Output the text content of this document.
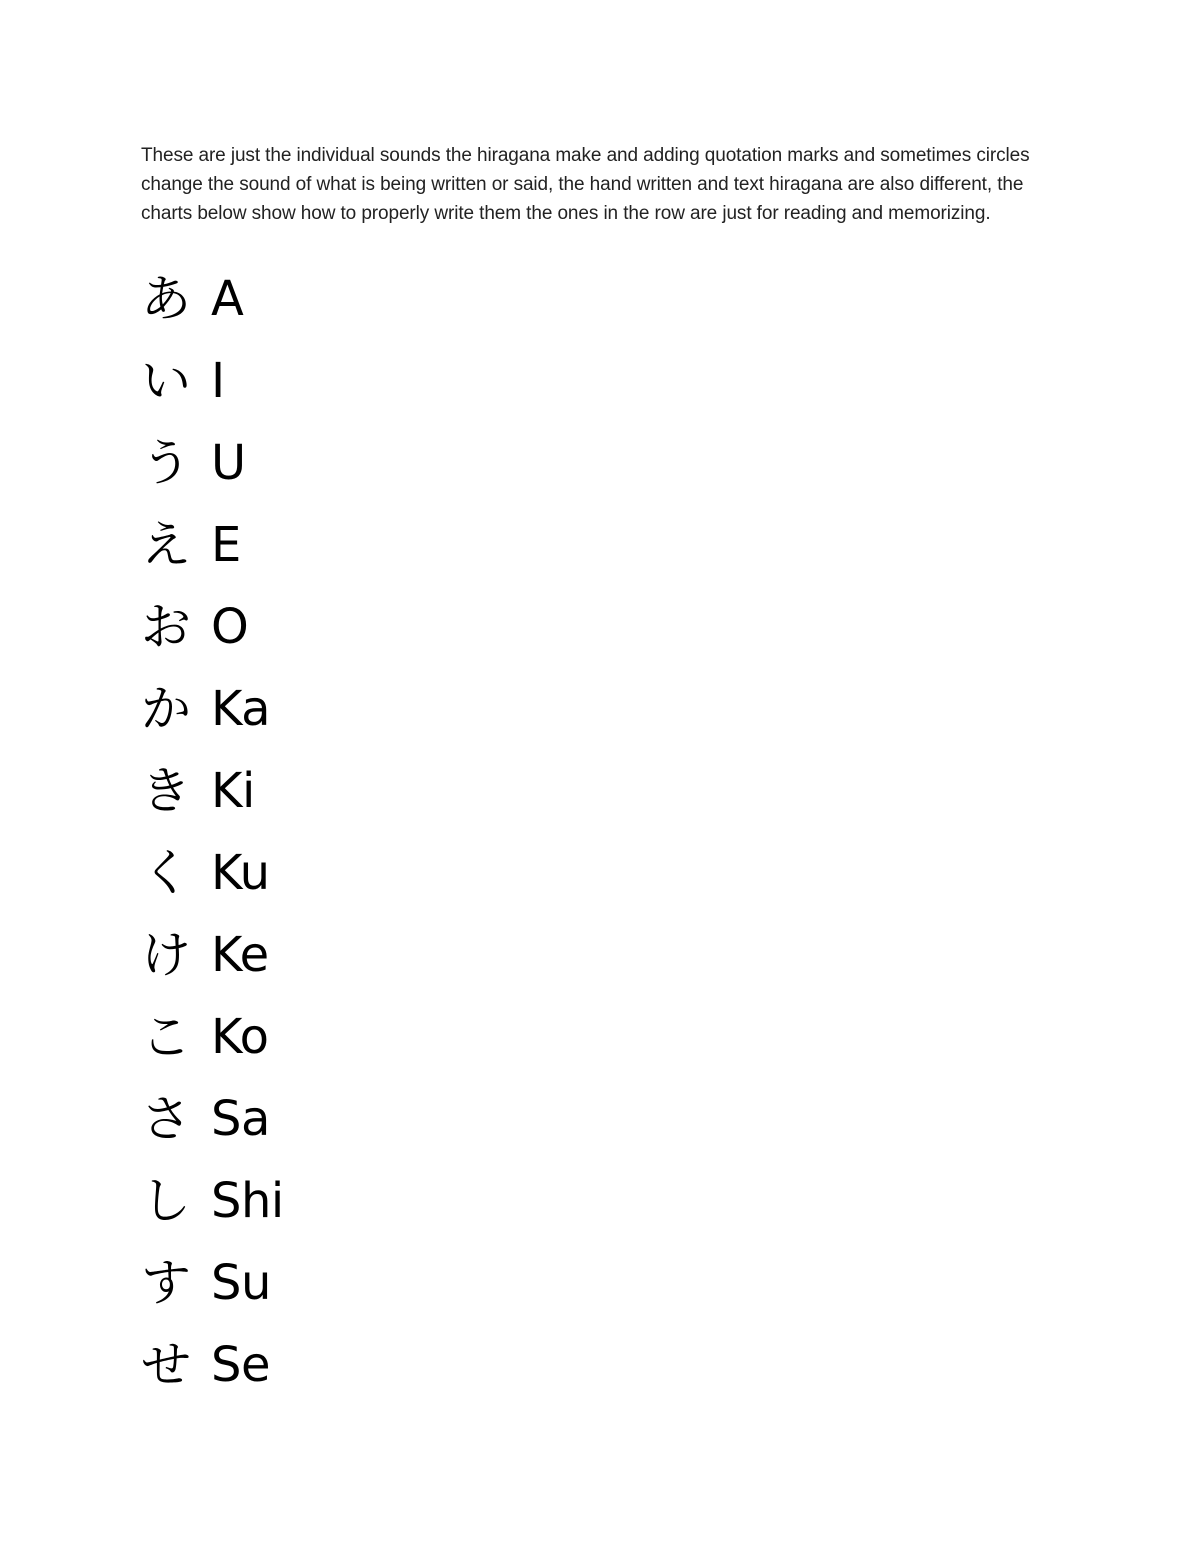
These are just the individual sounds the hiragana make and adding quotation marks and sometimes circles change the sound of what is being written or said, the hand written and text hiragana are also different, the charts below show how to properly write them the ones in the row are just for reading and memorizing.

あ A
い I
う U
え E
お O
か Ka
き Ki
く Ku
け Ke
こ Ko
さ Sa
し Shi
す Su
せ Se
